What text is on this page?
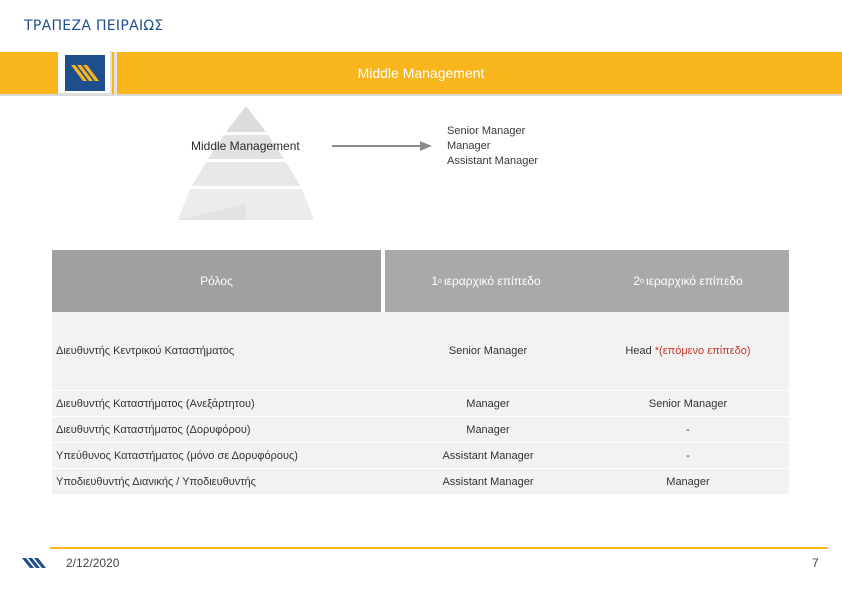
ΤΡΑΠΕΖΑ ΠΕΙΡΑΙΩΣ
Middle Management
Middle Management
Senior Manager
Manager
Assistant Manager
Ρόλος	1 ο ιεραρχικό επίπεδο	2 ο ιεραρχικό επίπεδο
Διευθυντής Κεντρικού Καταστήματος	Senior Manager	Head *(επόμενο επίπεδο)
Διευθυντής Καταστήματος (Ανεξάρτητου)	Manager	Senior Manager
Διευθυντής Καταστήματος (Δορυφόρου)	Manager	-
Υπεύθυνος Καταστήματος (μόνο σε Δορυφόρους)	Assistant Manager	-
Υποδιευθυντής Διανικής / Υποδιευθυντής	Assistant Manager	Manager
2/12/2020	7
